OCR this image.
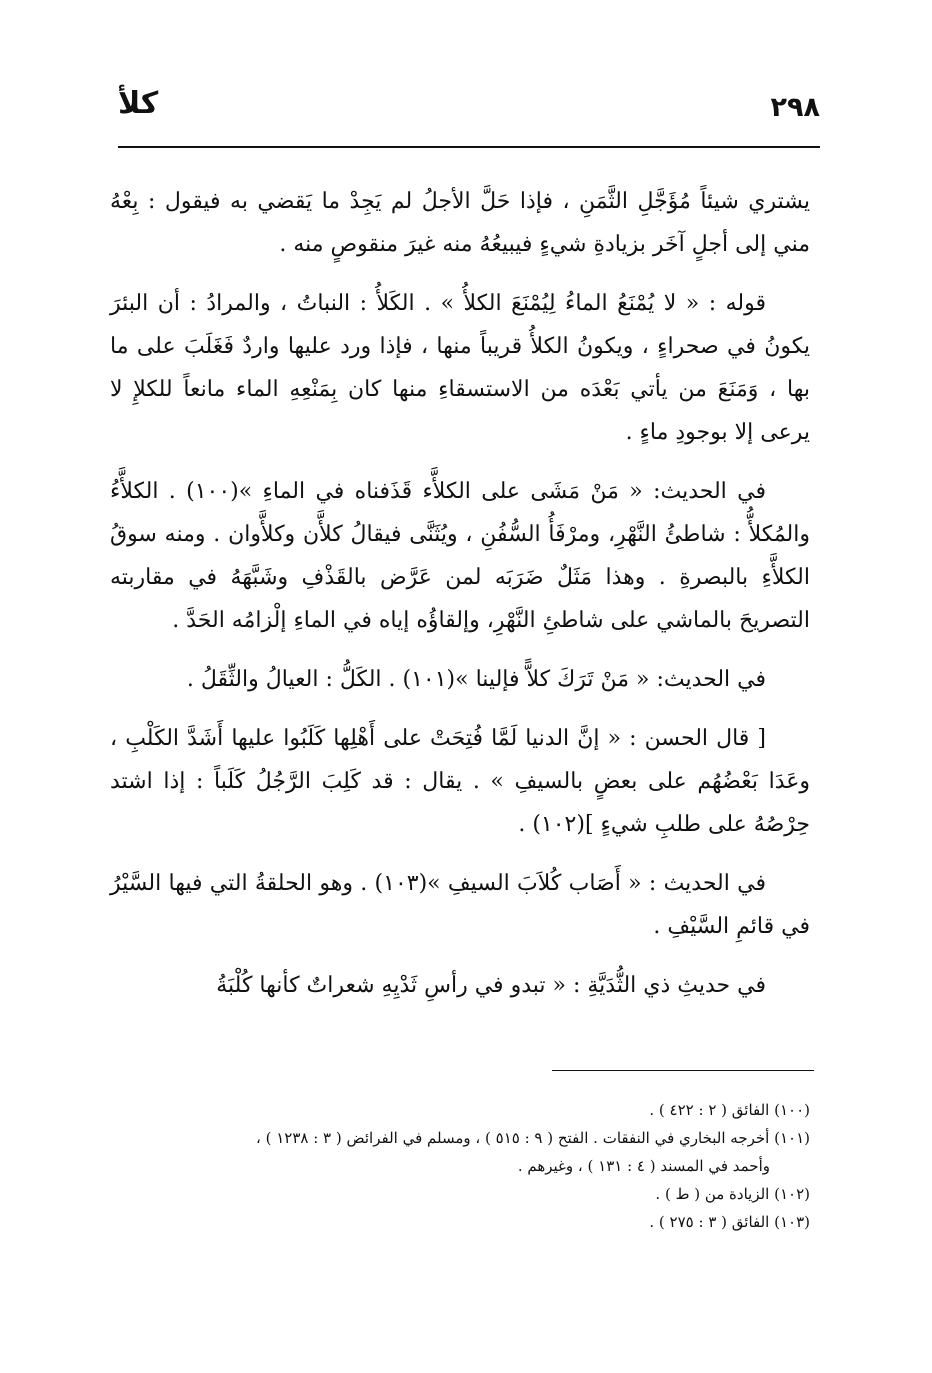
٢٩٨
كلأ

يشتري شيئاً مُؤَجَّلِ الثَّمَنِ ، فإذا حَلَّ الأجلُ لم يَجِدْ ما يَقضي به فيقول : بِعْهُ مني إلى أجلٍ آخَر بزيادةِ شيءٍ فيبيعُهُ منه غيرَ منقوصٍ منه .

قوله : « لا يُمْنَعُ الماءُ لِيُمْنَعَ الكلأُ » . الكَلأُ : النباتُ ، والمرادُ : أن البئرَ يكونُ في صحراءٍ ، ويكونُ الكلأُ قريباً منها ، فإذا ورد عليها واردٌ فَغَلَبَ على ما بها ، وَمَنَعَ من يأتي بَعْدَه من الاستسقاءِ منها كان بِمَنْعِهِ الماء مانعاً للكلإِ لا يرعى إلا بوجودِ ماءٍ .

في الحديث: « مَنْ مَشَى على الكلأَّء قَذَفناه في الماءِ »(١٠٠) . الكلأَّءُ والمُكلأُّ : شاطئُ النَّهْرِ، ومرْفَأُ السُّفُنِ ، ويُثَنَّى فيقالُ كلأَّن وكلأَّوان . ومنه سوقُ الكلأَّءِ بالبصرةِ . وهذا مَثَلٌ ضَرَبَه لمن عَرَّض بالقَذْفِ وشَبَّهَهُ في مقاربته التصريحَ بالماشي على شاطئِ النَّهْرِ، وإلقاؤُه إياه في الماءِ إلْزامُه الحَدَّ .

في الحديث: « مَنْ تَرَكَ كلاًّ فإلينا »(١٠١) . الكَلُّ : العيالُ والثِّقَلُ .

[ قال الحسن : « إنَّ الدنيا لَمَّا فُتِحَتْ على أَهْلِها كَلَبُوا عليها أَشَدَّ الكَلْبِ ، وعَدَا بَعْضُهُم على بعضٍ بالسيفِ » . يقال : قد كَلِبَ الرَّجُلُ كَلَباً : إذا اشتد حِرْصُهُ على طلبِ شيءٍ ](١٠٢) .

في الحديث : « أَصَاب كُلاَبَ السيفِ »(١٠٣) . وهو الحلقةُ التي فيها السَّيْرُ في قائمِ السَّيْفِ .

في حديثِ ذي الثُّدَيَّةِ : « تبدو في رأسِ ثَدْيِهِ شعراتٌ كأنها كُلْبَةُ

(١٠٠) الفائق ( ٢ : ٤٢٢ ) .

(١٠١) أخرجه البخاري في النفقات . الفتح ( ٩ : ٥١٥ ) ، ومسلم في الفرائض ( ٣ : ١٢٣٨ ) ،

وأحمد في المسند ( ٤ : ١٣١ ) ، وغيرهم .

(١٠٢) الزيادة من ( ط ) .

(١٠٣) الفائق ( ٣ : ٢٧٥ ) .
